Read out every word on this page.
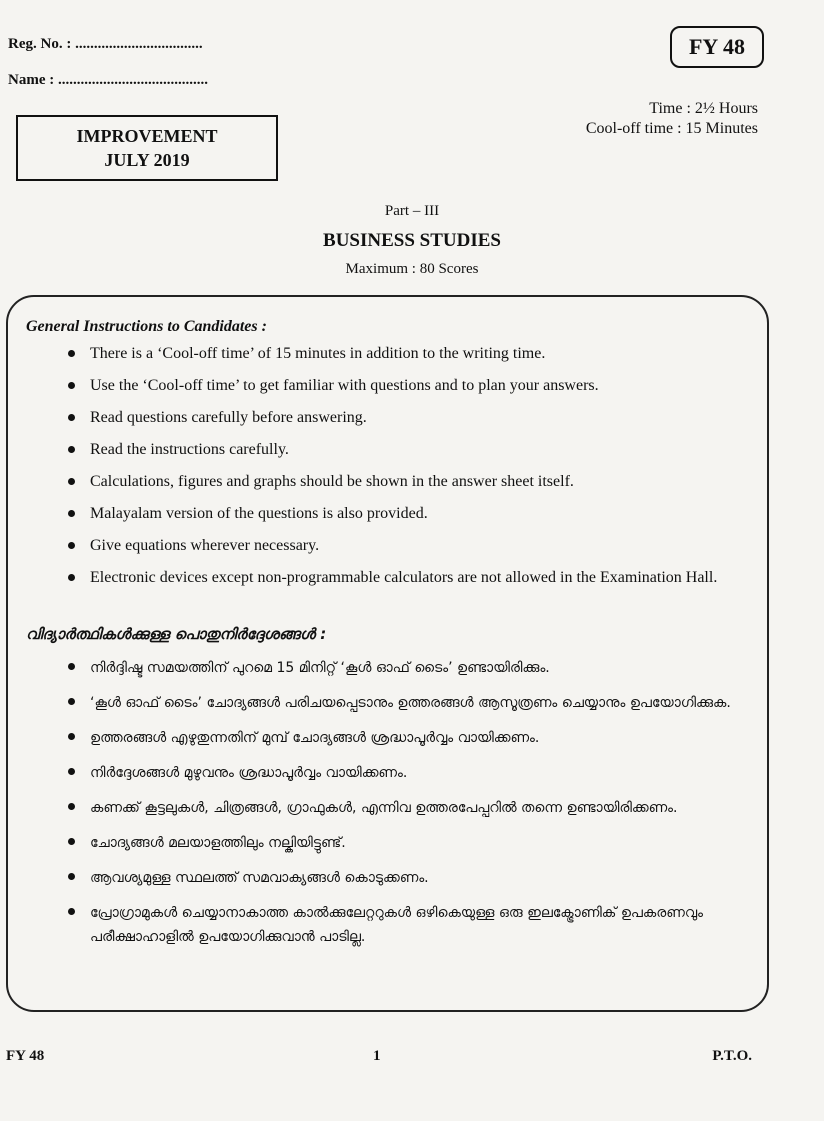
Reg. No. : ..................................
Name : ........................................
FY 48
Time : 2½ Hours
Cool-off time : 15 Minutes
IMPROVEMENT
JULY 2019
Part – III
BUSINESS STUDIES
Maximum : 80 Scores
General Instructions to Candidates :
There is a ‘Cool-off time’ of 15 minutes in addition to the writing time.
Use the ‘Cool-off time’ to get familiar with questions and to plan your answers.
Read questions carefully before answering.
Read the instructions carefully.
Calculations, figures and graphs should be shown in the answer sheet itself.
Malayalam version of the questions is also provided.
Give equations wherever necessary.
Electronic devices except non-programmable calculators are not allowed in the Examination Hall.
വിദ്യാർത്ഥികൾക്കുള്ള പൊതുനിർദ്ദേശങ്ങൾ :
നിർദ്ദിഷ്ട സമയത്തിന് പുറമെ 15 മിനിറ്റ് ‘കൂൾ ഓഫ് ടൈം’ ഉണ്ടായിരിക്കും.
‘കൂൾ ഓഫ് ടൈം’ ചോദ്യങ്ങൾ പരിചയപ്പെടാനും ഉത്തരങ്ങൾ ആസൂത്രണം ചെയ്യാനും ഉപയോഗിക്കുക.
ഉത്തരങ്ങൾ എഴുതുന്നതിന് മുമ്പ് ചോദ്യങ്ങൾ ശ്രദ്ധാപൂർവ്വം വായിക്കണം.
നിർദ്ദേശങ്ങൾ മുഴുവനും ശ്രദ്ധാപൂർവ്വം വായിക്കണം.
കണക്ക് കൂട്ടലുകൾ, ചിത്രങ്ങൾ, ഗ്രാഫുകൾ, എന്നിവ ഉത്തരപേപ്പറിൽ തന്നെ ഉണ്ടായിരിക്കണം.
ചോദ്യങ്ങൾ മലയാളത്തിലും നല്കിയിട്ടുണ്ട്.
ആവശ്യമുള്ള സ്ഥലത്ത് സമവാക്യങ്ങൾ കൊടുക്കണം.
പ്രോഗ്രാമുകൾ ചെയ്യാനാകാത്ത കാൽക്കുലേറ്ററുകൾ ഒഴികെയുള്ള ഒരു ഇലക്ട്രോണിക് ഉപകരണവും പരീക്ഷാഹാളിൽ ഉപയോഗിക്കുവാൻ പാടില്ല.
FY 48	1	P.T.O.
